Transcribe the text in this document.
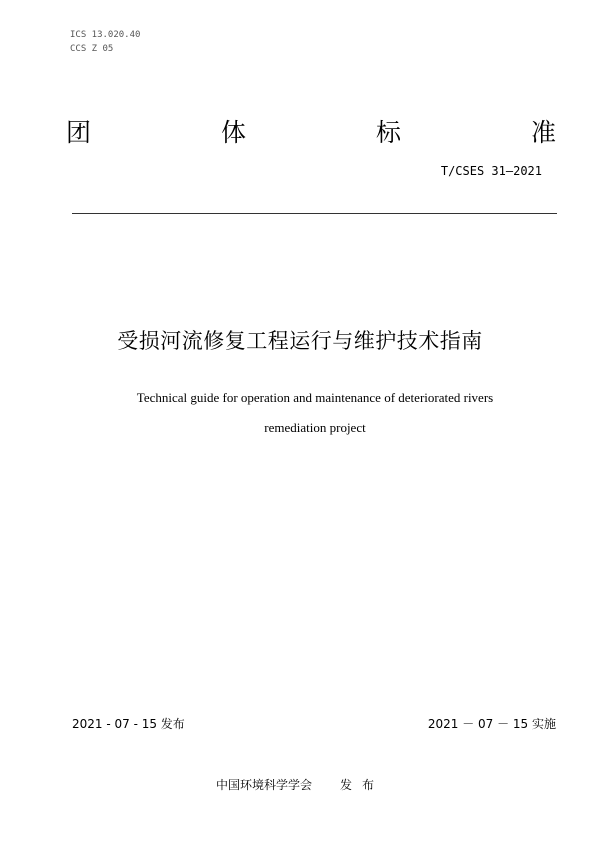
ICS 13.020.40
CCS Z 05
团	体	标	准
T/CSES 31—2021
受损河流修复工程运行与维护技术指南
Technical guide for operation and maintenance of deteriorated rivers
remediation project
2021 - 07 - 15 发布	2021 － 07 － 15 实施
中国环境科学学会 发布
